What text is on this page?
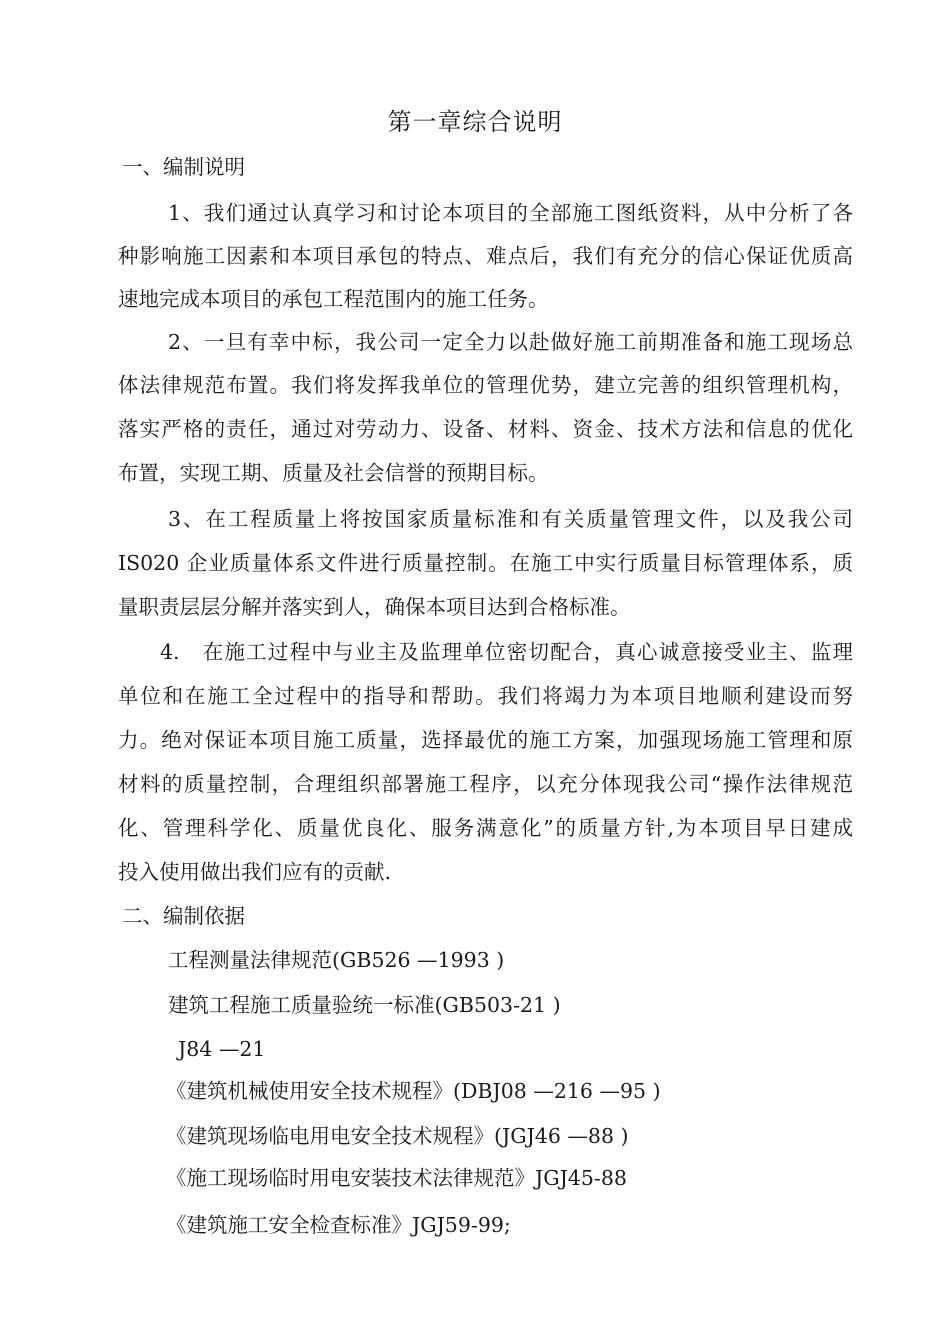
第一章综合说明
一、编制说明
1、我们通过认真学习和讨论本项目的全部施工图纸资料，从中分析了各
种影响施工因素和本项目承包的特点、难点后，我们有充分的信心保证优质高
速地完成本项目的承包工程范围内的施工任务。
2、一旦有幸中标，我公司一定全力以赴做好施工前期准备和施工现场总
体法律规范布置。我们将发挥我单位的管理优势，建立完善的组织管理机构，
落实严格的责任，通过对劳动力、设备、材料、资金、技术方法和信息的优化
布置，实现工期、质量及社会信誉的预期目标。
3、在工程质量上将按国家质量标准和有关质量管理文件，以及我公司
IS020 企业质量体系文件进行质量控制。在施工中实行质量目标管理体系，质
量职责层层分解并落实到人，确保本项目达到合格标准。
4.   在施工过程中与业主及监理单位密切配合，真心诚意接受业主、监理
单位和在施工全过程中的指导和帮助。我们将竭力为本项目地顺利建设而努
力。绝对保证本项目施工质量，选择最优的施工方案，加强现场施工管理和原
材料的质量控制，合理组织部署施工程序，以充分体现我公司“操作法律规范
化、管理科学化、质量优良化、服务满意化”的质量方针,为本项目早日建成
投入使用做出我们应有的贡献.
二、编制依据
工程测量法律规范(GB526 —1993 )
建筑工程施工质量验统一标准(GB503-21 )
J84 —21
《建筑机械使用安全技术规程》(DBJ08 —216 —95 )
《建筑现场临电用电安全技术规程》(JGJ46 —88 )
《施工现场临时用电安装技术法律规范》JGJ45-88
《建筑施工安全检查标准》JGJ59-99;
